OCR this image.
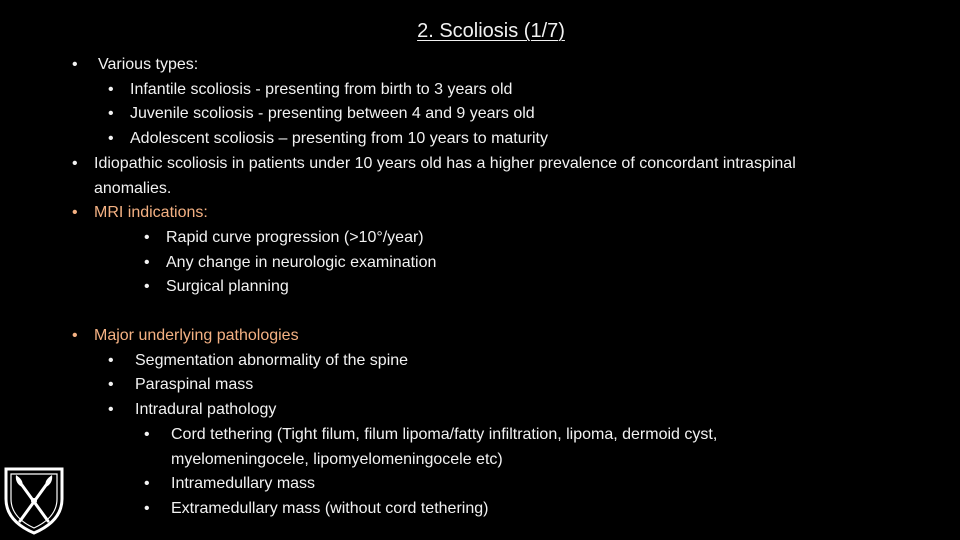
2. Scoliosis (1/7)
• Various types:
• Infantile scoliosis - presenting from birth to 3 years old
• Juvenile scoliosis - presenting between 4 and 9 years old
• Adolescent scoliosis – presenting from 10 years to maturity
• Idiopathic scoliosis in patients under 10 years old has a higher prevalence of concordant intraspinal
anomalies.
• MRI indications:
• Rapid curve progression (>10°/year)
• Any change in neurologic examination
• Surgical planning
• Major underlying pathologies
• Segmentation abnormality of the spine
• Paraspinal mass
• Intradural pathology
• Cord tethering (Tight filum, filum lipoma/fatty infiltration, lipoma, dermoid cyst,
myelomeningocele, lipomyelomeningocele etc)
• Intramedullary mass
• Extramedullary mass (without cord tethering)
